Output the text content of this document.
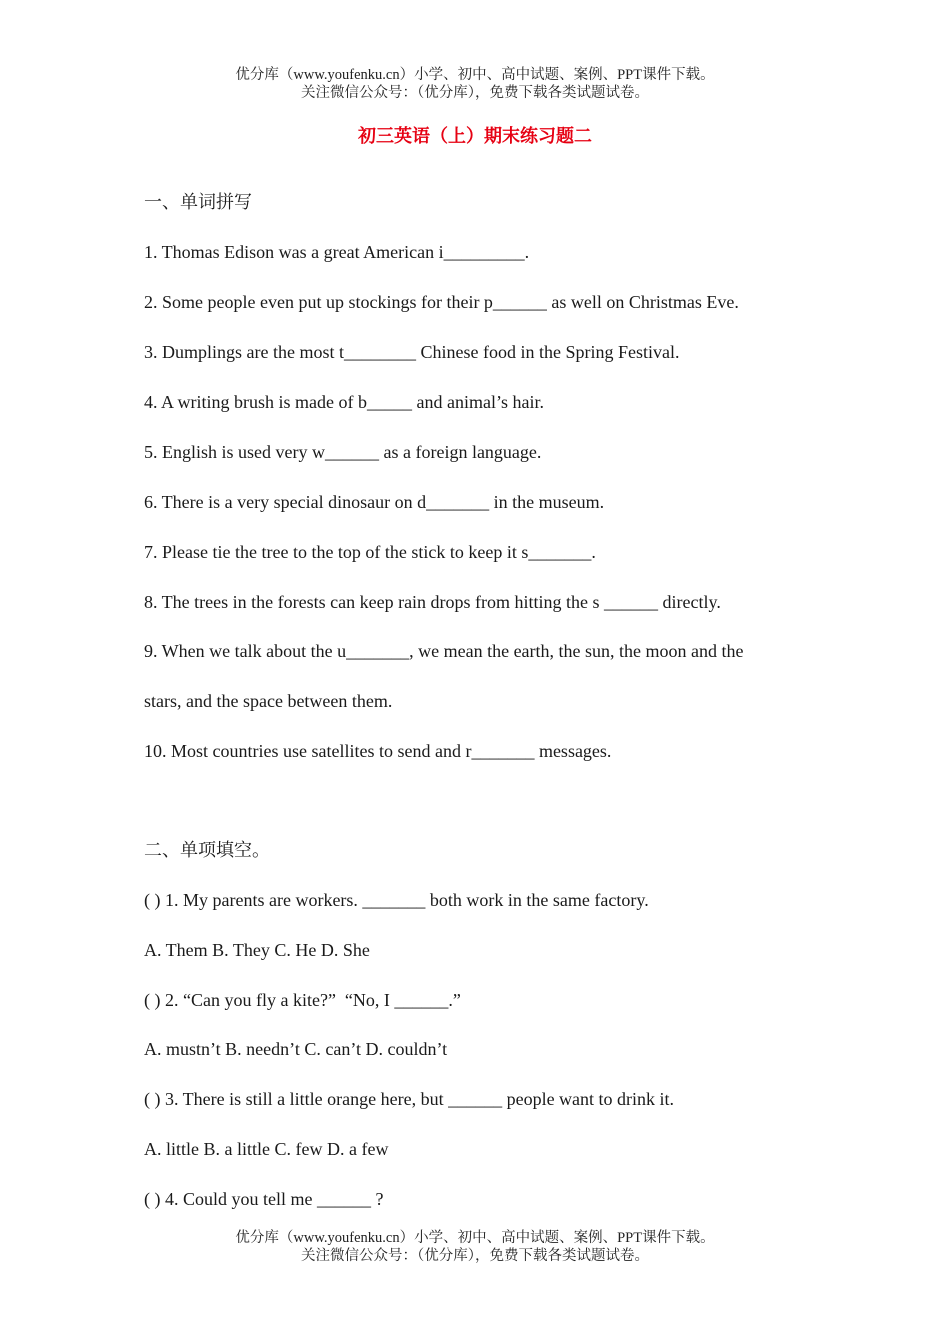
优分库（www.youfenku.cn）小学、初中、高中试题、案例、PPT课件下载。
关注微信公众号：（优分库），免费下载各类试题试卷。
初三英语（上）期末练习题二
一、单词拼写
1. Thomas Edison was a great American i_________.
2. Some people even put up stockings for their p______ as well on Christmas Eve.
3. Dumplings are the most t________ Chinese food in the Spring Festival.
4. A writing brush is made of b_____ and animal’s hair.
5. English is used very w______ as a foreign language.
6. There is a very special dinosaur on d_______ in the museum.
7. Please tie the tree to the top of the stick to keep it s_______.
8. The trees in the forests can keep rain drops from hitting the s ______ directly.
9. When we talk about the u_______, we mean the earth, the sun, the moon and the
stars, and the space between them.
10. Most countries use satellites to send and r_______ messages.
二、单项填空。
( ) 1. My parents are workers. _______ both work in the same factory.
A. Them B. They C. He D. She
( ) 2. “Can you fly a kite?”  “No, I ______.”
A. mustn’t B. needn’t C. can’t D. couldn’t
( ) 3. There is still a little orange here, but ______ people want to drink it.
A. little B. a little C. few D. a few
( ) 4. Could you tell me ______ ?
优分库（www.youfenku.cn）小学、初中、高中试题、案例、PPT课件下载。
关注微信公众号：（优分库），免费下载各类试题试卷。
